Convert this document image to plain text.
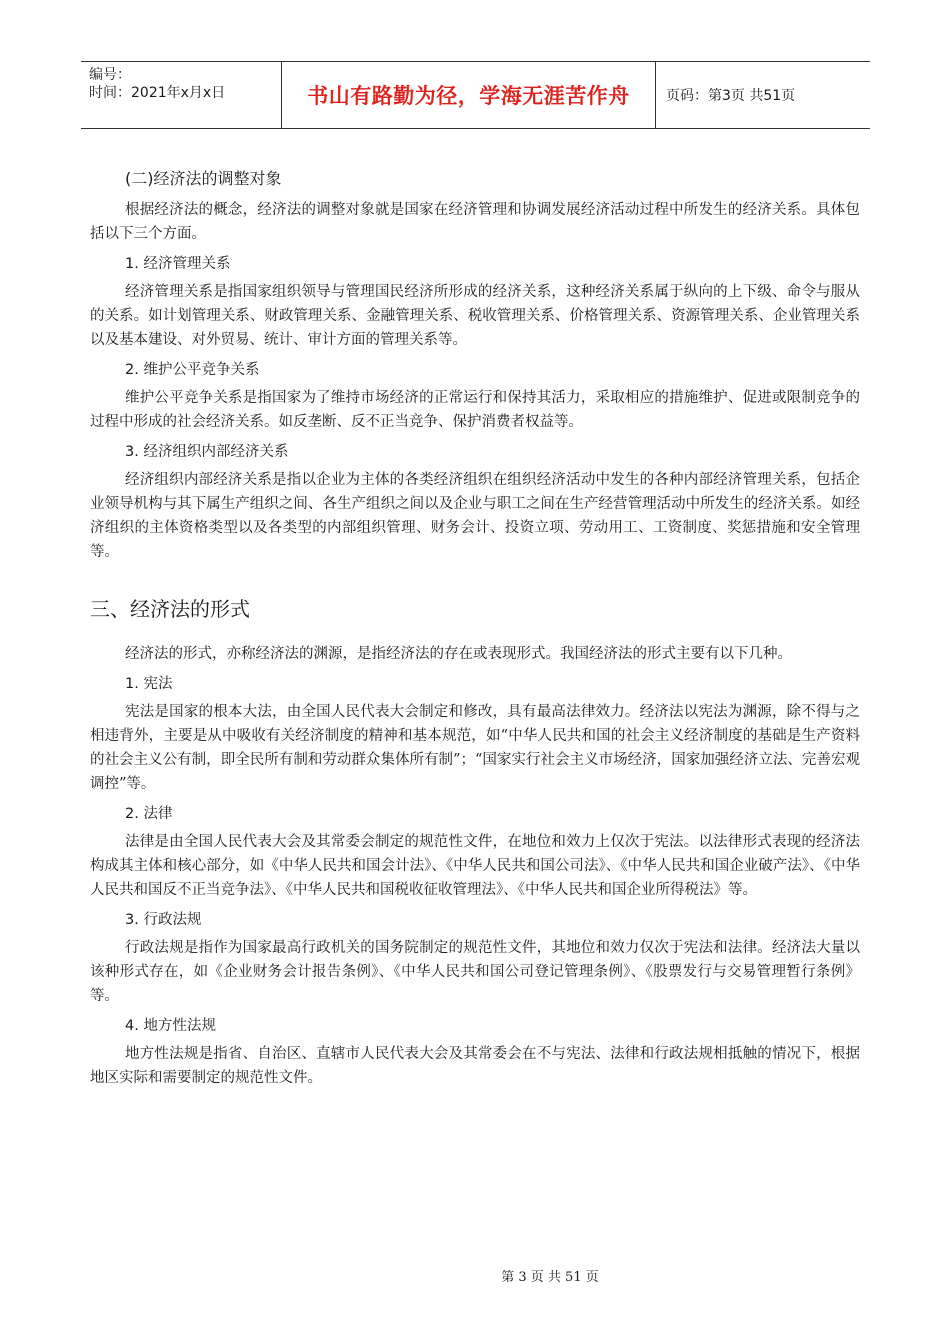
编号：
时间：2021年x月x日	书山有路勤为径，学海无涯苦作舟	页码：第3页 共51页
(二)经济法的调整对象

根据经济法的概念，经济法的调整对象就是国家在经济管理和协调发展经济活动过程中所发生的经济关系。具体包括以下三个方面。

1. 经济管理关系

经济管理关系是指国家组织领导与管理国民经济所形成的经济关系，这种经济关系属于纵向的上下级、命令与服从的关系。如计划管理关系、财政管理关系、金融管理关系、税收管理关系、价格管理关系、资源管理关系、企业管理关系以及基本建设、对外贸易、统计、审计方面的管理关系等。

2. 维护公平竞争关系

维护公平竞争关系是指国家为了维持市场经济的正常运行和保持其活力，采取相应的措施维护、促进或限制竞争的过程中形成的社会经济关系。如反垄断、反不正当竞争、保护消费者权益等。

3. 经济组织内部经济关系

经济组织内部经济关系是指以企业为主体的各类经济组织在组织经济活动中发生的各种内部经济管理关系，包括企业领导机构与其下属生产组织之间、各生产组织之间以及企业与职工之间在生产经营管理活动中所发生的经济关系。如经济组织的主体资格类型以及各类型的内部组织管理、财务会计、投资立项、劳动用工、工资制度、奖惩措施和安全管理等。

三、经济法的形式

经济法的形式，亦称经济法的渊源，是指经济法的存在或表现形式。我国经济法的形式主要有以下几种。

1. 宪法

宪法是国家的根本大法，由全国人民代表大会制定和修改，具有最高法律效力。经济法以宪法为渊源，除不得与之相违背外，主要是从中吸收有关经济制度的精神和基本规范，如“中华人民共和国的社会主义经济制度的基础是生产资料的社会主义公有制，即全民所有制和劳动群众集体所有制”；“国家实行社会主义市场经济，国家加强经济立法、完善宏观调控”等。

2. 法律

法律是由全国人民代表大会及其常委会制定的规范性文件，在地位和效力上仅次于宪法。以法律形式表现的经济法构成其主体和核心部分，如《中华人民共和国会计法》、《中华人民共和国公司法》、《中华人民共和国企业破产法》、《中华人民共和国反不正当竞争法》、《中华人民共和国税收征收管理法》、《中华人民共和国企业所得税法》等。

3. 行政法规

行政法规是指作为国家最高行政机关的国务院制定的规范性文件，其地位和效力仅次于宪法和法律。经济法大量以该种形式存在，如《企业财务会计报告条例》、《中华人民共和国公司登记管理条例》、《股票发行与交易管理暂行条例》等。

4. 地方性法规

地方性法规是指省、自治区、直辖市人民代表大会及其常委会在不与宪法、法律和行政法规相抵触的情况下，根据地区实际和需要制定的规范性文件。

第 3 页 共 51 页
